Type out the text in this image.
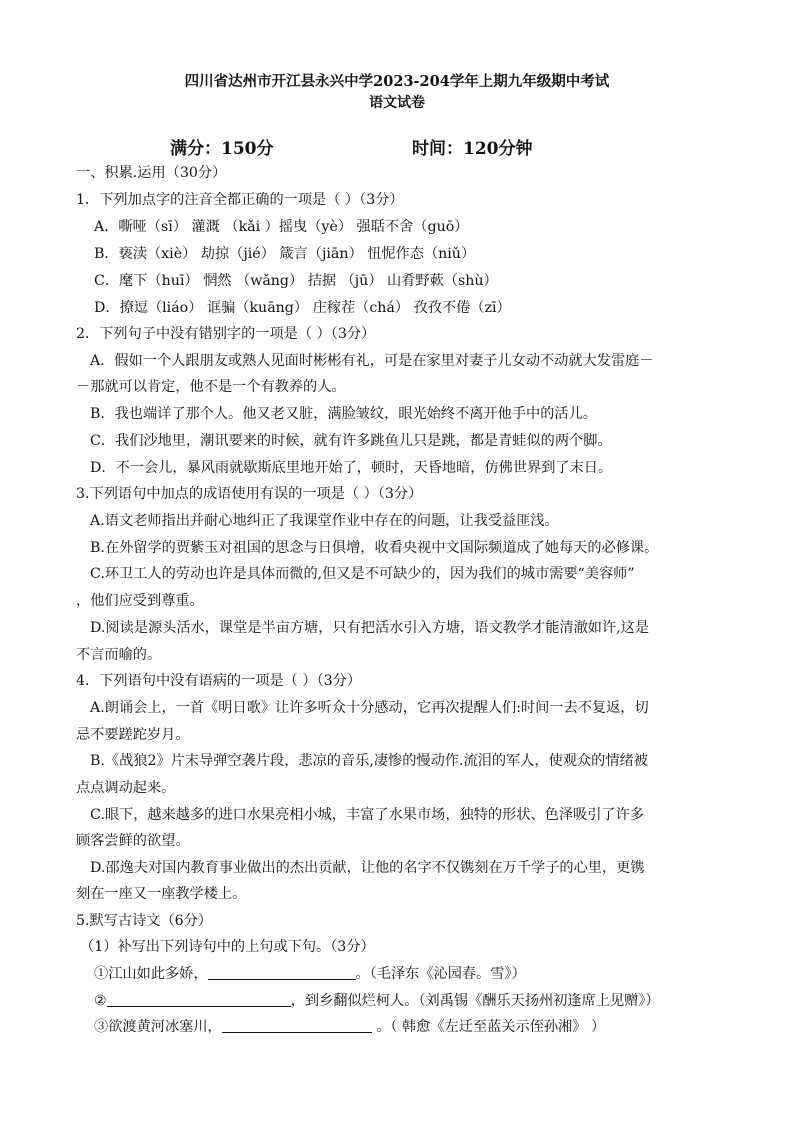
四川省达州市开江县永兴中学2023-204学年上期九年级期中考试
语文试卷
满分：150分	时间：120分钟
一、积累.运用（30分）
1．下列加点字的注音全都正确的一项是（ ）（3分）
A．嘶哑（sī） 灌溉 （kǎi ）摇曳（yè） 强聒不舍（guō）
B．亵渎（xiè） 劫掠（jié） 箴言（jiān） 忸怩作态（niǔ）
C．麾下（huī） 惘然 （wǎng） 拮据 （jū） 山肴野蔌（shù）
D．撩逗（liáo） 诓骗（kuāng） 庄稼茬（chá） 孜孜不倦（zī）
2．下列句子中没有错别字的一项是（ ）（3分）
A．假如一个人跟朋友或熟人见面时彬彬有礼，可是在家里对妻子儿女动不动就大发雷庭－
－那就可以肯定，他不是一个有教养的人。
B．我也端详了那个人。他又老又脏，满脸皱纹，眼光始终不离开他手中的活儿。
C．我们沙地里，潮讯要来的时候，就有许多跳鱼儿只是跳，都是青蛙似的两个脚。
D．不一会儿，暴风雨就歇斯底里地开始了，顿时，天昏地暗，仿佛世界到了末日。
3.下列语句中加点的成语使用有误的一项是（ ）（3分）
A.语文老师指出并耐心地纠正了我课堂作业中存在的问题，让我受益匪浅。
B.在外留学的贾紫玉对祖国的思念与日俱增，收看央视中文国际频道成了她每天的必修课。
C.环卫工人的劳动也许是具体而微的,但又是不可缺少的，因为我们的城市需要“美容师”
，他们应受到尊重。
D.阅读是源头活水，课堂是半亩方塘，只有把活水引入方塘，语文教学才能清澈如许,这是
不言而喻的。
4．下列语句中没有语病的一项是（ ）（3分）
A.朗诵会上，一首《明日歌》让许多听众十分感动，它再次提醒人们:时间一去不复返，切
忌不要蹉跎岁月。
B.《战狼2》片末导弹空袭片段，悲凉的音乐,凄惨的慢动作.流泪的军人，使观众的情绪被
点点调动起来。
C.眼下，越来越多的进口水果亮相小城，丰富了水果市场，独特的形状、色泽吸引了许多
顾客尝鲜的欲望。
D.邵逸夫对国内教育事业做出的杰出贡献，让他的名字不仅镌刻在万千学子的心里，更镌
刻在一座又一座教学楼上。
5.默写古诗文（6分）
（1）补写出下列诗句中的上句或下句。（3分）
①江山如此多娇，	。（毛泽东《沁园春。雪》）
②	，到乡翻似烂柯人。（刘禹锡《酬乐天扬州初逢席上见赠》）
③欲渡黄河冰塞川，	。（ 韩愈《左迁至蓝关示侄孙湘》 ）
